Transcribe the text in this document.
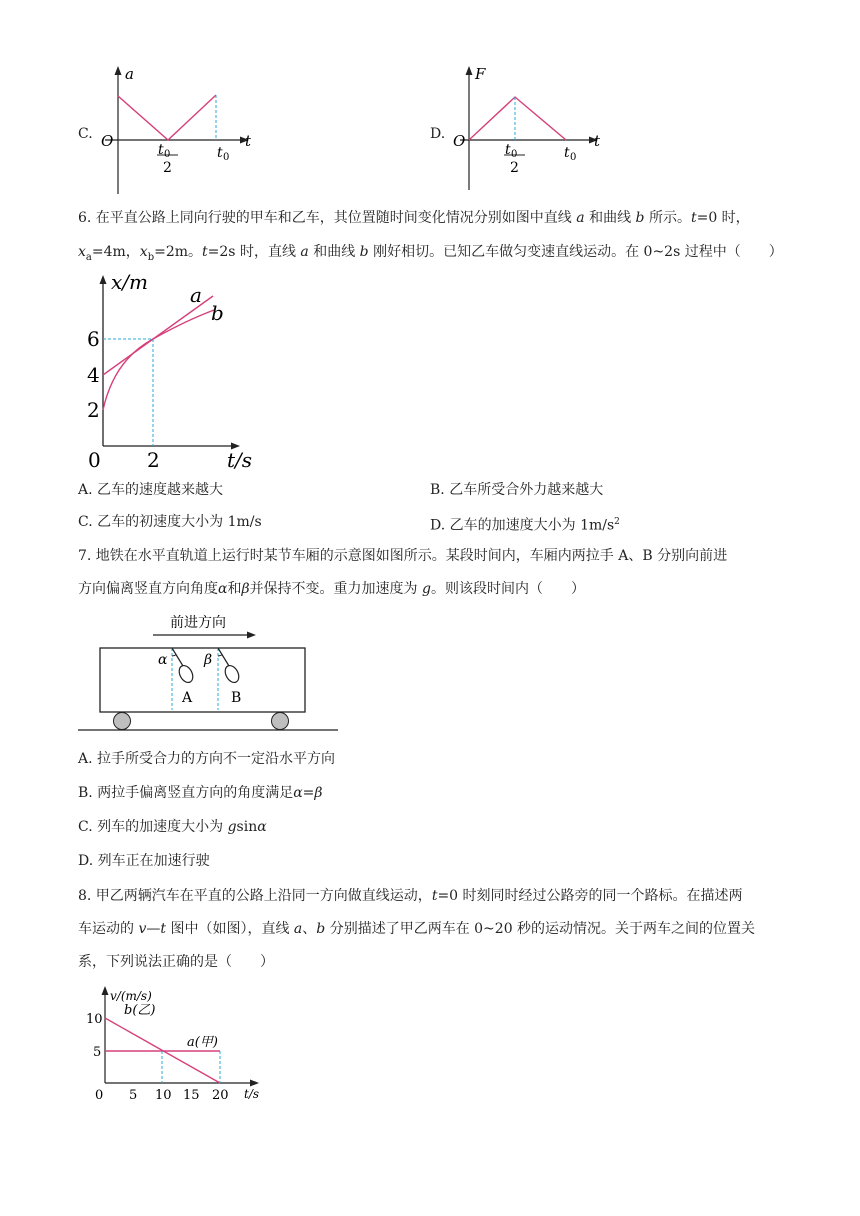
C.
a
t
O	t 0
2
t 0
D.
F
t
O	t 0
2
t 0
6. 在平直公路上同向行驶的甲车和乙车，其位置随时间变化情况分别如图中直线 a 和曲线 b 所示。t=0 时，
$x_a=4m$，$x_b=2m$。t=2s 时，直线 a 和曲线 b 刚好相切。已知乙车做匀变速直线运动。在 0~2s 过程中（　　）
x/m
t/s
6
4
2
0 2
a
b
A. 乙车的速度越来越大	B. 乙车所受合外力越来越大
C. 乙车的初速度大小为 1m/s	D. 乙车的加速度大小为 $1m/s^2$
7. 地铁在水平直轨道上运行时某节车厢的示意图如图所示。某段时间内，车厢内两拉手 A、B 分别向前进
方向偏离竖直方向角度α和β并保持不变。重力加速度为 g。则该段时间内（　　）
前进方向
α	β
A	B
A. 拉手所受合力的方向不一定沿水平方向
B. 两拉手偏离竖直方向的角度满足α=β
C. 列车的加速度大小为 gsinα
D. 列车正在加速行驶
8. 甲乙两辆汽车在平直的公路上沿同一方向做直线运动，t=0 时刻同时经过公路旁的同一个路标。在描述两
车运动的 v—t 图中（如图），直线 a、b 分别描述了甲乙两车在 0~20 秒的运动情况。关于两车之间的位置关
系，下列说法正确的是（　　）
v/(m/s)
t/s
10
5
0 5 10 15 20
b(乙)
a(甲)
